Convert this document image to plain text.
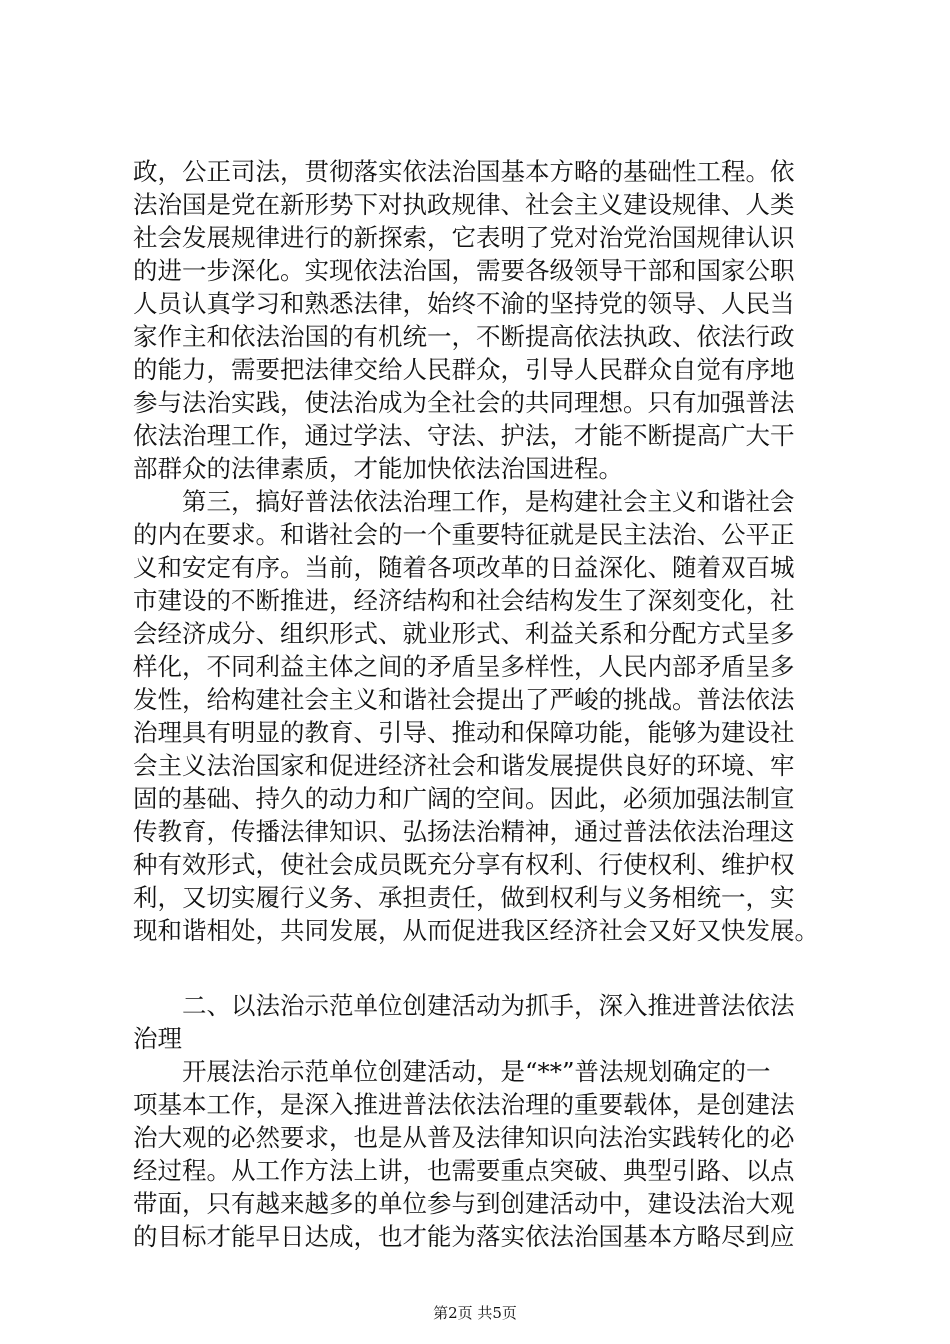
政，公正司法，贯彻落实依法治国基本方略的基础性工程。依
法治国是党在新形势下对执政规律、社会主义建设规律、人类
社会发展规律进行的新探索，它表明了党对治党治国规律认识
的进一步深化。实现依法治国，需要各级领导干部和国家公职
人员认真学习和熟悉法律，始终不渝的坚持党的领导、人民当
家作主和依法治国的有机统一，不断提高依法执政、依法行政
的能力，需要把法律交给人民群众，引导人民群众自觉有序地
参与法治实践，使法治成为全社会的共同理想。只有加强普法
依法治理工作，通过学法、守法、护法，才能不断提高广大干
部群众的法律素质，才能加快依法治国进程。
第三，搞好普法依法治理工作，是构建社会主义和谐社会
的内在要求。和谐社会的一个重要特征就是民主法治、公平正
义和安定有序。当前，随着各项改革的日益深化、随着双百城
市建设的不断推进，经济结构和社会结构发生了深刻变化，社
会经济成分、组织形式、就业形式、利益关系和分配方式呈多
样化，不同利益主体之间的矛盾呈多样性，人民内部矛盾呈多
发性，给构建社会主义和谐社会提出了严峻的挑战。普法依法
治理具有明显的教育、引导、推动和保障功能，能够为建设社
会主义法治国家和促进经济社会和谐发展提供良好的环境、牢
固的基础、持久的动力和广阔的空间。因此，必须加强法制宣
传教育，传播法律知识、弘扬法治精神，通过普法依法治理这
种有效形式，使社会成员既充分享有权利、行使权利、维护权
利，又切实履行义务、承担责任，做到权利与义务相统一，实
现和谐相处，共同发展，从而促进我区经济社会又好又快发展。
二、以法治示范单位创建活动为抓手，深入推进普法依法
治理
开展法治示范单位创建活动，是“**”普法规划确定的一
项基本工作，是深入推进普法依法治理的重要载体，是创建法
治大观的必然要求，也是从普及法律知识向法治实践转化的必
经过程。从工作方法上讲，也需要重点突破、典型引路、以点
带面，只有越来越多的单位参与到创建活动中，建设法治大观
的目标才能早日达成，也才能为落实依法治国基本方略尽到应
第2页 共5页
